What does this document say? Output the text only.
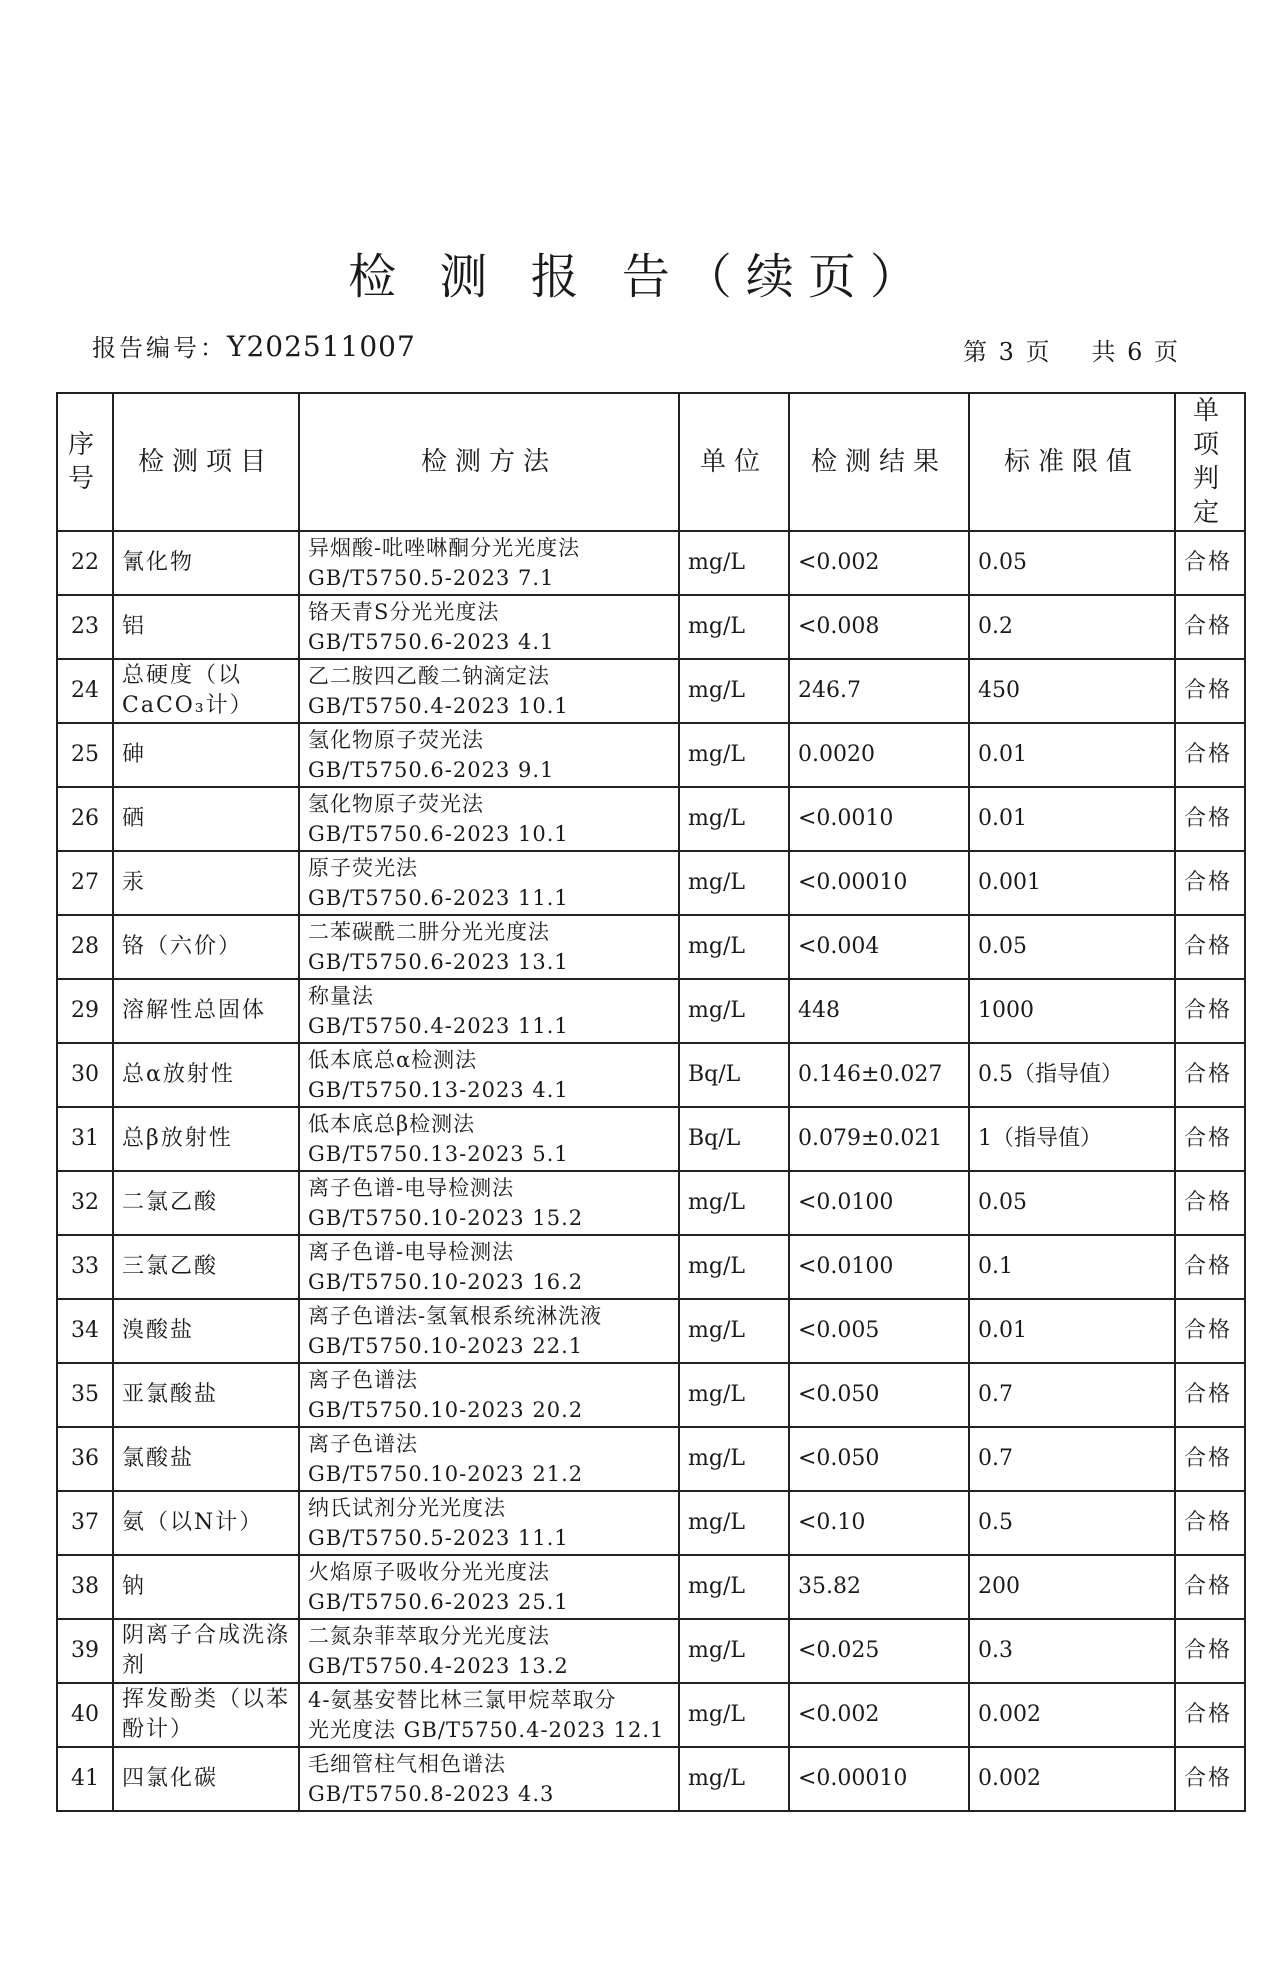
检 测 报 告（续页）
报告编号：Y202511007	第 3 页 共 6 页
序号	检测项目	检测方法	单位	检测结果	标准限值	单项判定
22	氰化物	异烟酸-吡唑啉酮分光光度法
GB/T5750.5-2023 7.1	mg/L	<0.002	0.05	合格
23	铝	铬天青S分光光度法
GB/T5750.6-2023 4.1	mg/L	<0.008	0.2	合格
24	总硬度（以CaCO₃计）	乙二胺四乙酸二钠滴定法
GB/T5750.4-2023 10.1	mg/L	246.7	450	合格
25	砷	氢化物原子荧光法
GB/T5750.6-2023 9.1	mg/L	0.0020	0.01	合格
26	硒	氢化物原子荧光法
GB/T5750.6-2023 10.1	mg/L	<0.0010	0.01	合格
27	汞	原子荧光法
GB/T5750.6-2023 11.1	mg/L	<0.00010	0.001	合格
28	铬（六价）	二苯碳酰二肼分光光度法
GB/T5750.6-2023 13.1	mg/L	<0.004	0.05	合格
29	溶解性总固体	称量法
GB/T5750.4-2023 11.1	mg/L	448	1000	合格
30	总α放射性	低本底总α检测法
GB/T5750.13-2023 4.1	Bq/L	0.146±0.027	0.5（指导值）	合格
31	总β放射性	低本底总β检测法
GB/T5750.13-2023 5.1	Bq/L	0.079±0.021	1（指导值）	合格
32	二氯乙酸	离子色谱-电导检测法
GB/T5750.10-2023 15.2	mg/L	<0.0100	0.05	合格
33	三氯乙酸	离子色谱-电导检测法
GB/T5750.10-2023 16.2	mg/L	<0.0100	0.1	合格
34	溴酸盐	离子色谱法-氢氧根系统淋洗液
GB/T5750.10-2023 22.1	mg/L	<0.005	0.01	合格
35	亚氯酸盐	离子色谱法
GB/T5750.10-2023 20.2	mg/L	<0.050	0.7	合格
36	氯酸盐	离子色谱法
GB/T5750.10-2023 21.2	mg/L	<0.050	0.7	合格
37	氨（以N计）	纳氏试剂分光光度法
GB/T5750.5-2023 11.1	mg/L	<0.10	0.5	合格
38	钠	火焰原子吸收分光光度法
GB/T5750.6-2023 25.1	mg/L	35.82	200	合格
39	阴离子合成洗涤剂	二氮杂菲萃取分光光度法
GB/T5750.4-2023 13.2	mg/L	<0.025	0.3	合格
40	挥发酚类（以苯酚计）	4-氨基安替比林三氯甲烷萃取分
光光度法 GB/T5750.4-2023 12.1	mg/L	<0.002	0.002	合格
41	四氯化碳	毛细管柱气相色谱法
GB/T5750.8-2023 4.3	mg/L	<0.00010	0.002	合格
